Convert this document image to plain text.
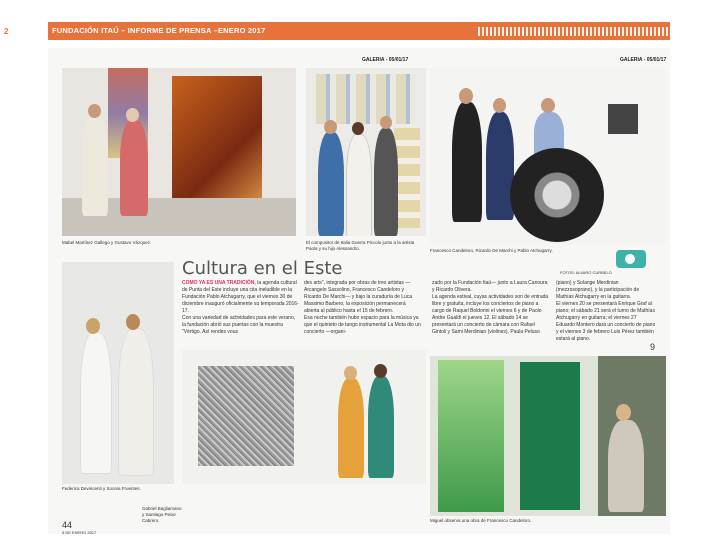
2	FUNDACIÓN ITAÚ – INFORME DE PRENSA –ENERO 2017
GALERIA - 05/01/17	GALERIA - 05/01/17
Mabel Martínez Gallego y Gustavo Vázquez.	El compositor de Italia Guerra Piccolo junto a la artista Paola y su hijo Alessandro.	Francesco Candeloro, Ricardo De Marchi y Pablo Atchugarry.
FOTOS: ALVARO CURBELO
Federica Devincenti y Soonia Fruentes.
Cultura en el Este
COMO YA ES UNA TRADICIÓN, la agenda cultural de Punta del Este incluye una cita ineludible en la Fundación Pablo Atchugarry, que el viernes 30 de diciembre inauguró oficialmente su temporada 2016-17.
Con una variedad de actividades para este verano, la fundación abrió sus puertas con la muestra "Vértigo. Así rendes vous
des arts", integrada por obras de tres artistas —Arcangelo Sassolino, Francesco Candeloro y Ricardo De Marchi— y bajo la curaduría de Luca Massimo Barbero, la exposición permanecerá abierta al público hasta el 15 de febrero.
Esa noche también hubo espacio para la música ya que el quinteto de tango instrumental La Mota dio un concierto —organi-
zado por la Fundación Itaú— junto a Laura Canoura y Ricardo Olivera.
La agenda estival, cuyas actividades son de entrada libre y gratuita, incluye los conciertos de piano a cargo de Raquel Boldorini el viernes 6 y de Paolo Andre Gualdi el jueves 12. El sábado 14 se presentará un concierto de cámara con Rafael Gintoli y Sami Merdinian (violines), Paula Peluso
(piano) y Solange Merdinian (mezzosoprano), y la participación de Mathías Atchugarry en la guitarra.
El viernes 20 se presentará Enrique Graf al piano; el sábado 21 será el turno de Mathías Atchugarry en guitarra; el viernes 27 Eduardo Montero dará un concierto de piano y el viernes 3 de febrero Luis Pérez también estará al piano.
Gabriel Bagliamano y Santiago Peixe Cabrero.	Miguel observa una obra de Francesco Candeloro.
44
5 DE ENERO 2017
9
